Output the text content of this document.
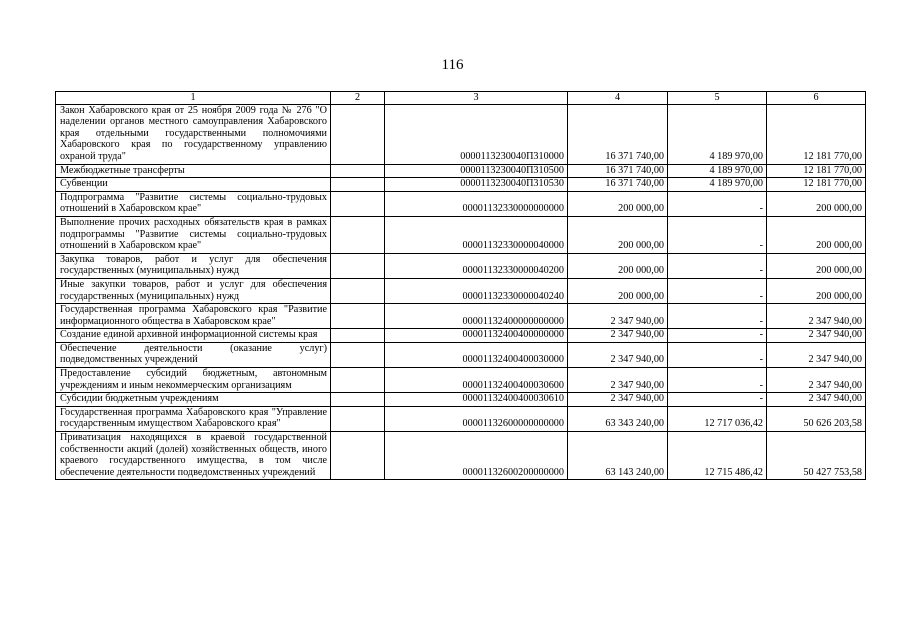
116
1	2	3	4	5	6
Закон Хабаровского края от 25 ноября 2009 года № 276 "О наделении органов местного самоуправления Хабаровского края отдельными государственными полномочиями Хабаровского края по государственному управлению охраной труда"		0000113230040П310000	16 371 740,00	4 189 970,00	12 181 770,00
Межбюджетные трансферты		0000113230040П310500	16 371 740,00	4 189 970,00	12 181 770,00
Субвенции		0000113230040П310530	16 371 740,00	4 189 970,00	12 181 770,00
Подпрограмма "Развитие системы социально-трудовых отношений в Хабаровском крае"		00001132330000000000	200 000,00	-	200 000,00
Выполнение прочих расходных обязательств края в рамках подпрограммы "Развитие системы социально-трудовых отношений в Хабаровском крае"		00001132330000040000	200 000,00	-	200 000,00
Закупка товаров, работ и услуг для обеспечения государственных (муниципальных) нужд		00001132330000040200	200 000,00	-	200 000,00
Иные закупки товаров, работ и услуг для обеспечения государственных (муниципальных) нужд		00001132330000040240	200 000,00	-	200 000,00
Государственная программа Хабаровского края "Развитие информационного общества в Хабаровском крае"		00001132400000000000	2 347 940,00	-	2 347 940,00
Создание единой архивной информационной системы края		00001132400400000000	2 347 940,00	-	2 347 940,00
Обеспечение деятельности (оказание услуг) подведомственных учреждений		00001132400400030000	2 347 940,00	-	2 347 940,00
Предоставление субсидий бюджетным, автономным учреждениям и иным некоммерческим организациям		00001132400400030600	2 347 940,00	-	2 347 940,00
Субсидии бюджетным учреждениям		00001132400400030610	2 347 940,00	-	2 347 940,00
Государственная программа Хабаровского края "Управление государственным имуществом Хабаровского края"		00001132600000000000	63 343 240,00	12 717 036,42	50 626 203,58
Приватизация находящихся в краевой государственной собственности акций (долей) хозяйственных обществ, иного краевого государственного имущества, в том числе обеспечение деятельности подведомственных учреждений		00001132600200000000	63 143 240,00	12 715 486,42	50 427 753,58
